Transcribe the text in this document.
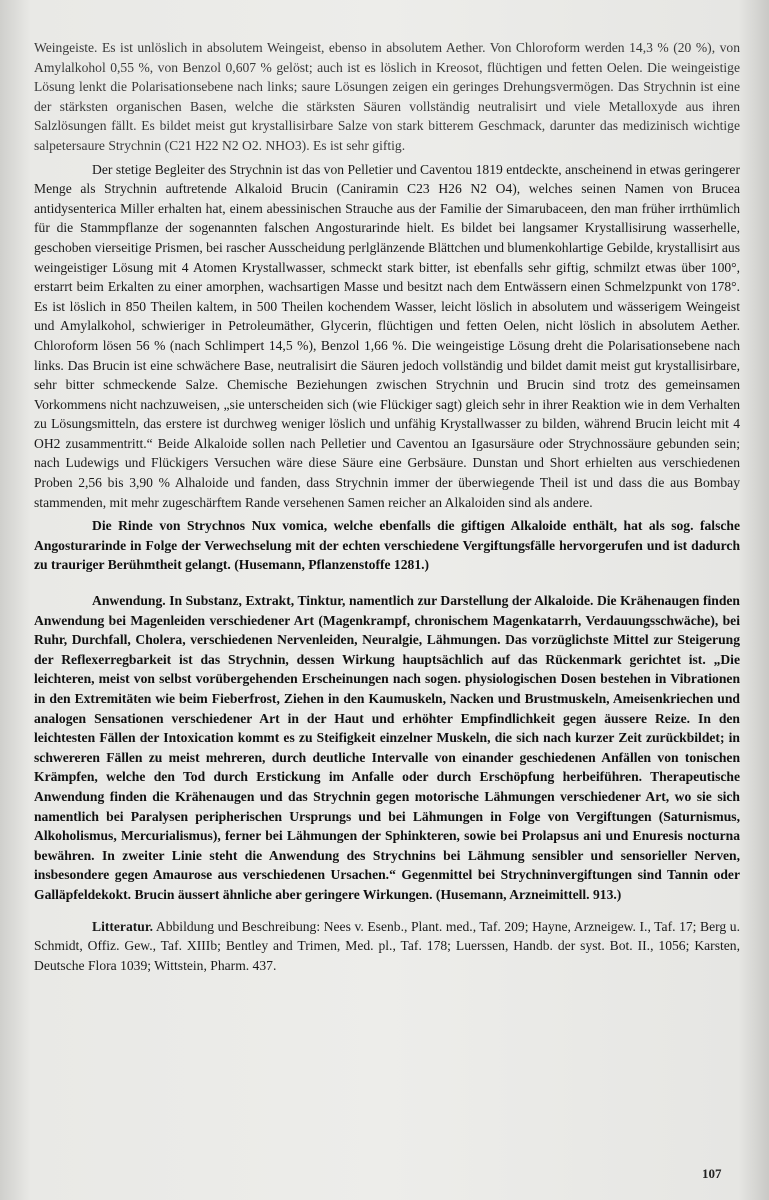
Weingeiste. Es ist unlöslich in absolutem Weingeist, ebenso in absolutem Aether. Von Chloroform werden 14,3 % (20 %), von Amylalkohol 0,55 %, von Benzol 0,607 % gelöst; auch ist es löslich in Kreosot, flüchtigen und fetten Oelen. Die weingeistige Lösung lenkt die Polarisationsebene nach links; saure Lösungen zeigen ein geringes Drehungsvermögen. Das Strychnin ist eine der stärksten organischen Basen, welche die stärksten Säuren vollständig neutralisirt und viele Metalloxyde aus ihren Salzlösungen fällt. Es bildet meist gut krystallisirbare Salze von stark bitterem Geschmack, darunter das medizinisch wichtige salpetersaure Strychnin (C21 H22 N2 O2. NHO3). Es ist sehr giftig.

Der stetige Begleiter des Strychnin ist das von Pelletier und Caventou 1819 entdeckte, anscheinend in etwas geringerer Menge als Strychnin auftretende Alkaloid Brucin (Caniramin C23 H26 N2 O4), welches seinen Namen von Brucea antidysenterica Miller erhalten hat, einem abessinischen Strauche aus der Familie der Simarubaceen, den man früher irrthümlich für die Stammpflanze der sogenannten falschen Angosturarinde hielt. Es bildet bei langsamer Krystallisirung wasserhelle, geschoben vierseitige Prismen, bei rascher Ausscheidung perlglänzende Blättchen und blumenkohlartige Gebilde, krystallisirt aus weingeistiger Lösung mit 4 Atomen Krystallwasser, schmeckt stark bitter, ist ebenfalls sehr giftig, schmilzt etwas über 100°, erstarrt beim Erkalten zu einer amorphen, wachsartigen Masse und besitzt nach dem Entwässern einen Schmelzpunkt von 178°. Es ist löslich in 850 Theilen kaltem, in 500 Theilen kochendem Wasser, leicht löslich in absolutem und wässerigem Weingeist und Amylalkohol, schwieriger in Petroleumäther, Glycerin, flüchtigen und fetten Oelen, nicht löslich in absolutem Aether. Chloroform lösen 56 % (nach Schlimpert 14,5 %), Benzol 1,66 %. Die weingeistige Lösung dreht die Polarisationsebene nach links. Das Brucin ist eine schwächere Base, neutralisirt die Säuren jedoch vollständig und bildet damit meist gut krystallisirbare, sehr bitter schmeckende Salze. Chemische Beziehungen zwischen Strychnin und Brucin sind trotz des gemeinsamen Vorkommens nicht nachzuweisen, „sie unterscheiden sich (wie Flückiger sagt) gleich sehr in ihrer Reaktion wie in dem Verhalten zu Lösungsmitteln, das erstere ist durchweg weniger löslich und unfähig Krystallwasser zu bilden, während Brucin leicht mit 4 OH2 zusammentritt.“ Beide Alkaloide sollen nach Pelletier und Caventou an Igasursäure oder Strychnossäure gebunden sein; nach Ludewigs und Flückigers Versuchen wäre diese Säure eine Gerbsäure. Dunstan und Short erhielten aus verschiedenen Proben 2,56 bis 3,90 % Alhaloide und fanden, dass Strychnin immer der überwiegende Theil ist und dass die aus Bombay stammenden, mit mehr zugeschärftem Rande versehenen Samen reicher an Alkaloiden sind als andere.

Die Rinde von Strychnos Nux vomica, welche ebenfalls die giftigen Alkaloide enthält, hat als sog. falsche Angosturarinde in Folge der Verwechselung mit der echten verschiedene Vergiftungsfälle hervorgerufen und ist dadurch zu trauriger Berühmtheit gelangt. (Husemann, Pflanzenstoffe 1281.)

Anwendung. In Substanz, Extrakt, Tinktur, namentlich zur Darstellung der Alkaloide. Die Krähenaugen finden Anwendung bei Magenleiden verschiedener Art (Magenkrampf, chronischem Magenkatarrh, Verdauungsschwäche), bei Ruhr, Durchfall, Cholera, verschiedenen Nervenleiden, Neuralgie, Lähmungen. Das vorzüglichste Mittel zur Steigerung der Reflexerregbarkeit ist das Strychnin, dessen Wirkung hauptsächlich auf das Rückenmark gerichtet ist. „Die leichteren, meist von selbst vorübergehenden Erscheinungen nach sogen. physiologischen Dosen bestehen in Vibrationen in den Extremitäten wie beim Fieberfrost, Ziehen in den Kaumuskeln, Nacken und Brustmuskeln, Ameisenkriechen und analogen Sensationen verschiedener Art in der Haut und erhöhter Empfindlichkeit gegen äussere Reize. In den leichtesten Fällen der Intoxication kommt es zu Steifigkeit einzelner Muskeln, die sich nach kurzer Zeit zurückbildet; in schwereren Fällen zu meist mehreren, durch deutliche Intervalle von einander geschiedenen Anfällen von tonischen Krämpfen, welche den Tod durch Erstickung im Anfalle oder durch Erschöpfung herbeiführen. Therapeutische Anwendung finden die Krähenaugen und das Strychnin gegen motorische Lähmungen verschiedener Art, wo sie sich namentlich bei Paralysen peripherischen Ursprungs und bei Lähmungen in Folge von Vergiftungen (Saturnismus, Alkoholismus, Mercurialismus), ferner bei Lähmungen der Sphinkteren, sowie bei Prolapsus ani und Enuresis nocturna bewähren. In zweiter Linie steht die Anwendung des Strychnins bei Lähmung sensibler und sensorieller Nerven, insbesondere gegen Amaurose aus verschiedenen Ursachen.“ Gegenmittel bei Strychninvergiftungen sind Tannin oder Galläpfeldekokt. Brucin äussert ähnliche aber geringere Wirkungen. (Husemann, Arzneimittell. 913.)

Litteratur. Abbildung und Beschreibung: Nees v. Esenb., Plant. med., Taf. 209; Hayne, Arzneigew. I., Taf. 17; Berg u. Schmidt, Offiz. Gew., Taf. XIIIb; Bentley and Trimen, Med. pl., Taf. 178; Luerssen, Handb. der syst. Bot. II., 1056; Karsten, Deutsche Flora 1039; Wittstein, Pharm. 437.

107
